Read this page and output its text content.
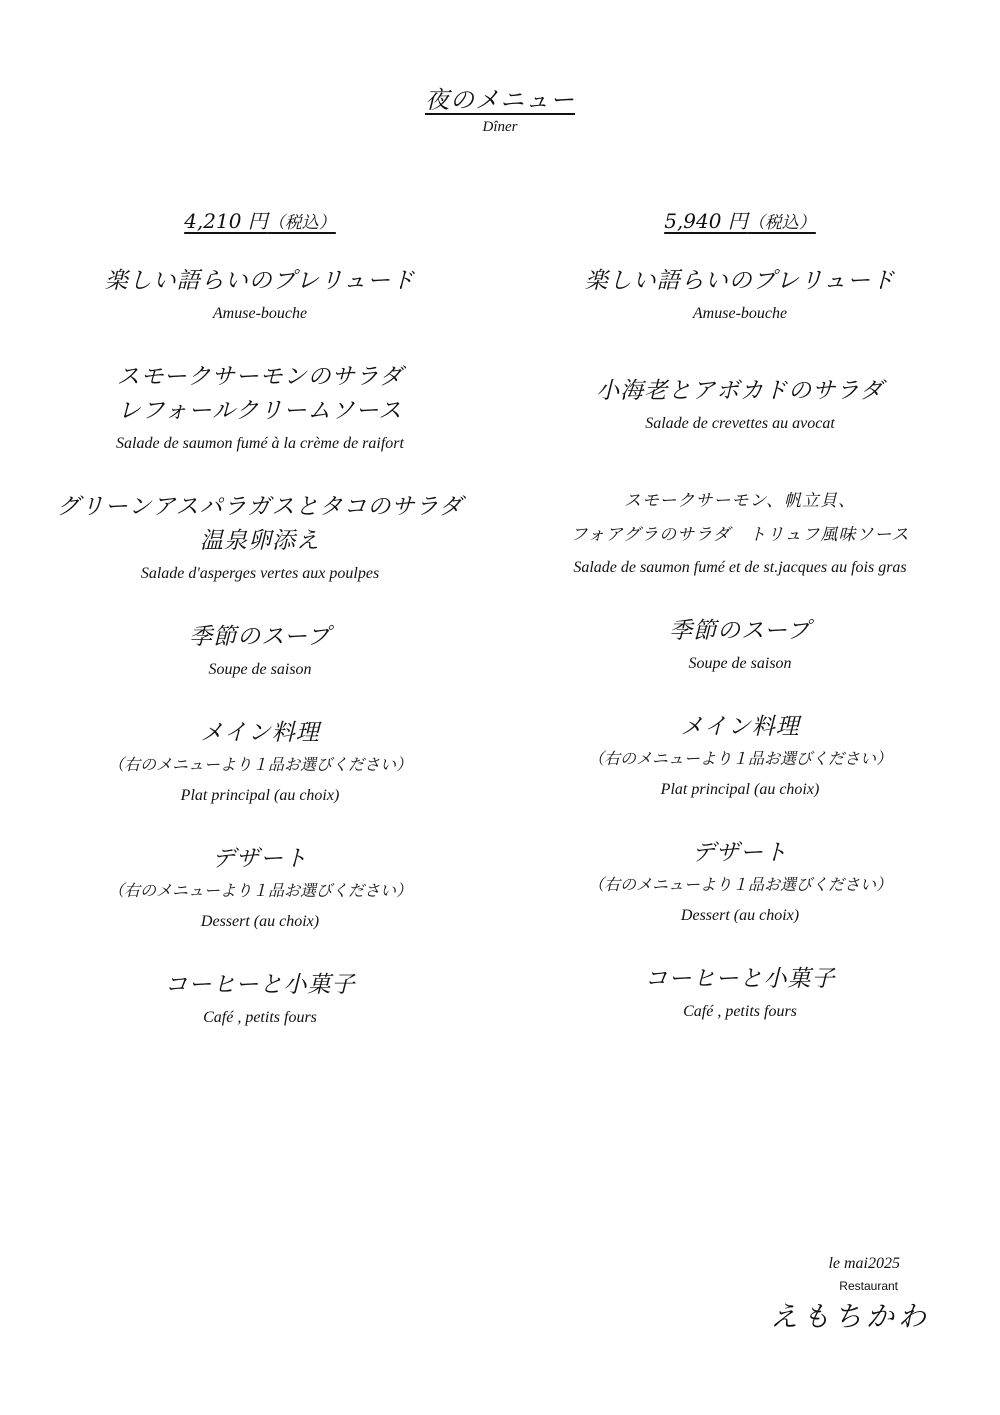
夜のメニュー
Dîner
4,210 円（税込）
楽しい語らいのプレリュード
Amuse-bouche
スモークサーモンのサラダ
レフォールクリームソース
Salade de saumon fumé à la crème de raifort
グリーンアスパラガスとタコのサラダ
温泉卵添え
Salade d'asperges vertes aux poulpes
季節のスープ
Soupe de saison
メイン料理
（右のメニューより１品お選びください）
Plat principal (au choix)
デザート
（右のメニューより１品お選びください）
Dessert (au choix)
コーヒーと小菓子
Café , petits fours
5,940 円（税込）
楽しい語らいのプレリュード
Amuse-bouche
小海老とアボカドのサラダ
Salade de crevettes au avocat
スモークサーモン、帆立貝、
フォアグラのサラダ　トリュフ風味ソース
Salade de saumon fumé et de st.jacques au fois gras
季節のスープ
Soupe de saison
メイン料理
（右のメニューより１品お選びください）
Plat principal (au choix)
デザート
（右のメニューより１品お選びください）
Dessert (au choix)
コーヒーと小菓子
Café , petits fours
le mai2025
Restaurant
えもちかわ
